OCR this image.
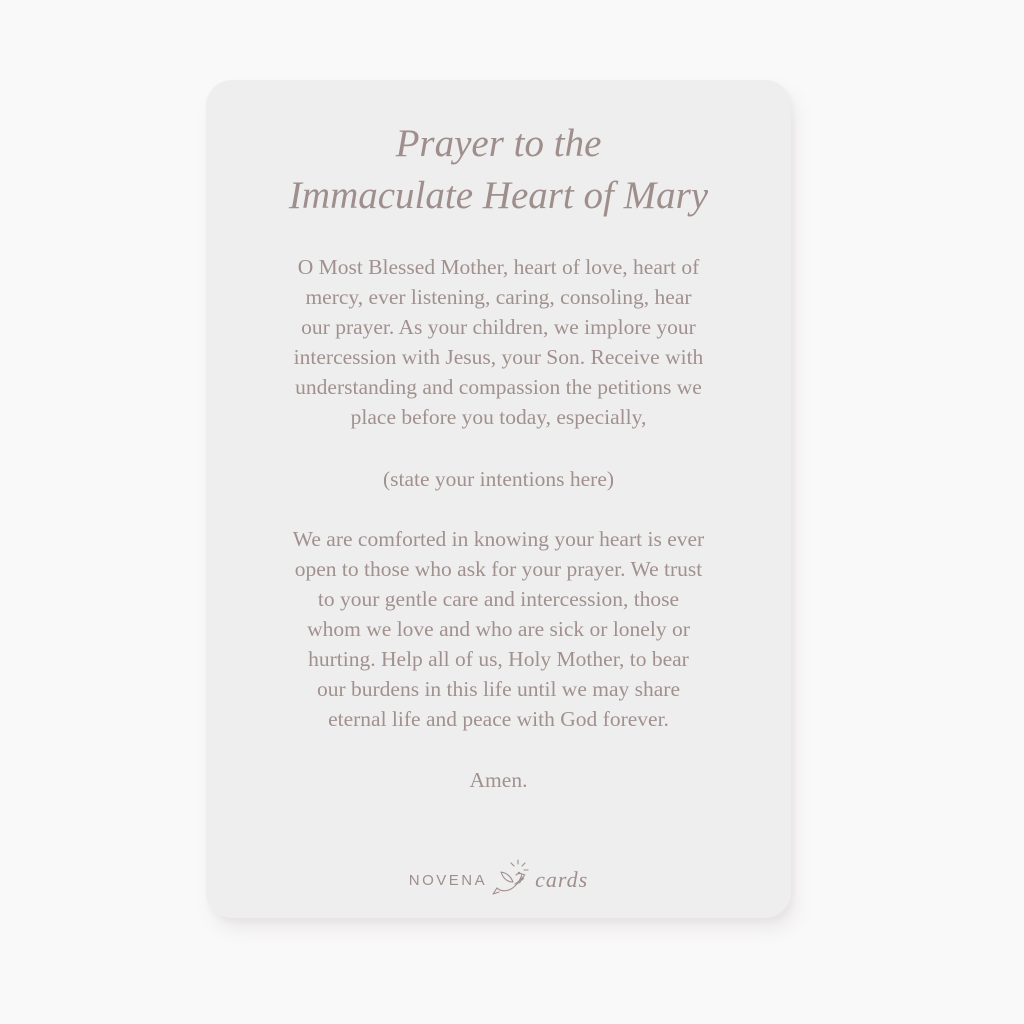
Prayer to the
Immaculate Heart of Mary

O Most Blessed Mother, heart of love, heart of
mercy, ever listening, caring, consoling, hear
our prayer. As your children, we implore your
intercession with Jesus, your Son. Receive with
understanding and compassion the petitions we
place before you today, especially,

(state your intentions here)

We are comforted in knowing your heart is ever
open to those who ask for your prayer. We trust
to your gentle care and intercession, those
whom we love and who are sick or lonely or
hurting. Help all of us, Holy Mother, to bear
our burdens in this life until we may share
eternal life and peace with God forever.

Amen.

NOVENA cards
